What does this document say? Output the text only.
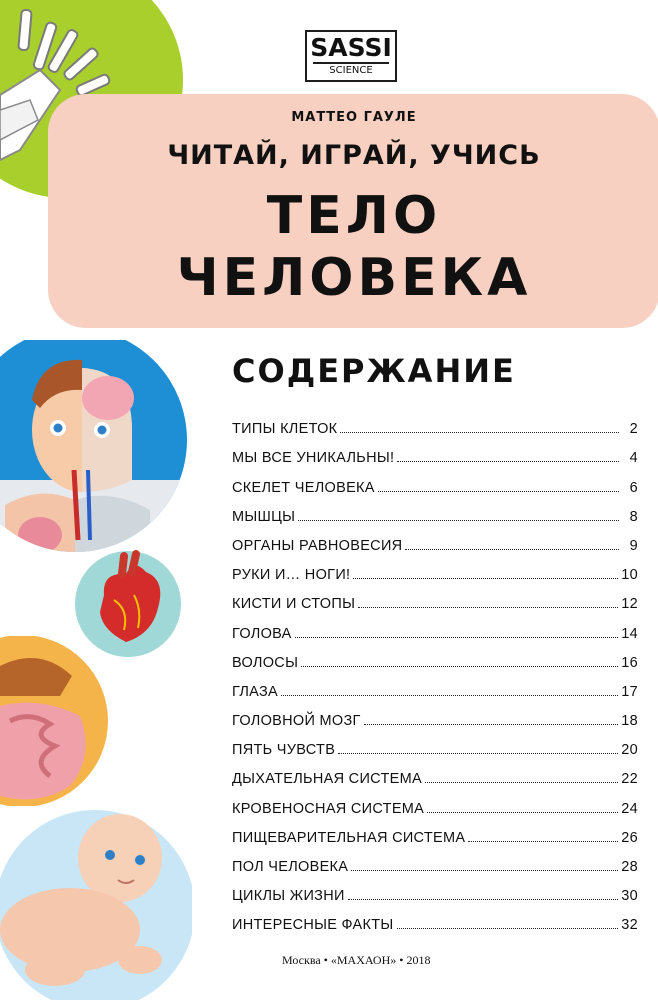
SASSI
SCIENCE
МАТТЕО ГАУЛЕ
ЧИТАЙ, ИГРАЙ, УЧИСЬ
ТЕЛО
ЧЕЛОВЕКА
СОДЕРЖАНИЕ
ТИПЫ КЛЕТОК	2
МЫ ВСЕ УНИКАЛЬНЫ!	4
СКЕЛЕТ ЧЕЛОВЕКА	6
МЫШЦЫ	8
ОРГАНЫ РАВНОВЕСИЯ	9
РУКИ И… НОГИ!	10
КИСТИ И СТОПЫ	12
ГОЛОВА	14
ВОЛОСЫ	16
ГЛАЗА	17
ГОЛОВНОЙ МОЗГ	18
ПЯТЬ ЧУВСТВ	20
ДЫХАТЕЛЬНАЯ СИСТЕМА	22
КРОВЕНОСНАЯ СИСТЕМА	24
ПИЩЕВАРИТЕЛЬНАЯ СИСТЕМА	26
ПОЛ ЧЕЛОВЕКА	28
ЦИКЛЫ ЖИЗНИ	30
ИНТЕРЕСНЫЕ ФАКТЫ	32
Москва • «МАХАОН» • 2018
